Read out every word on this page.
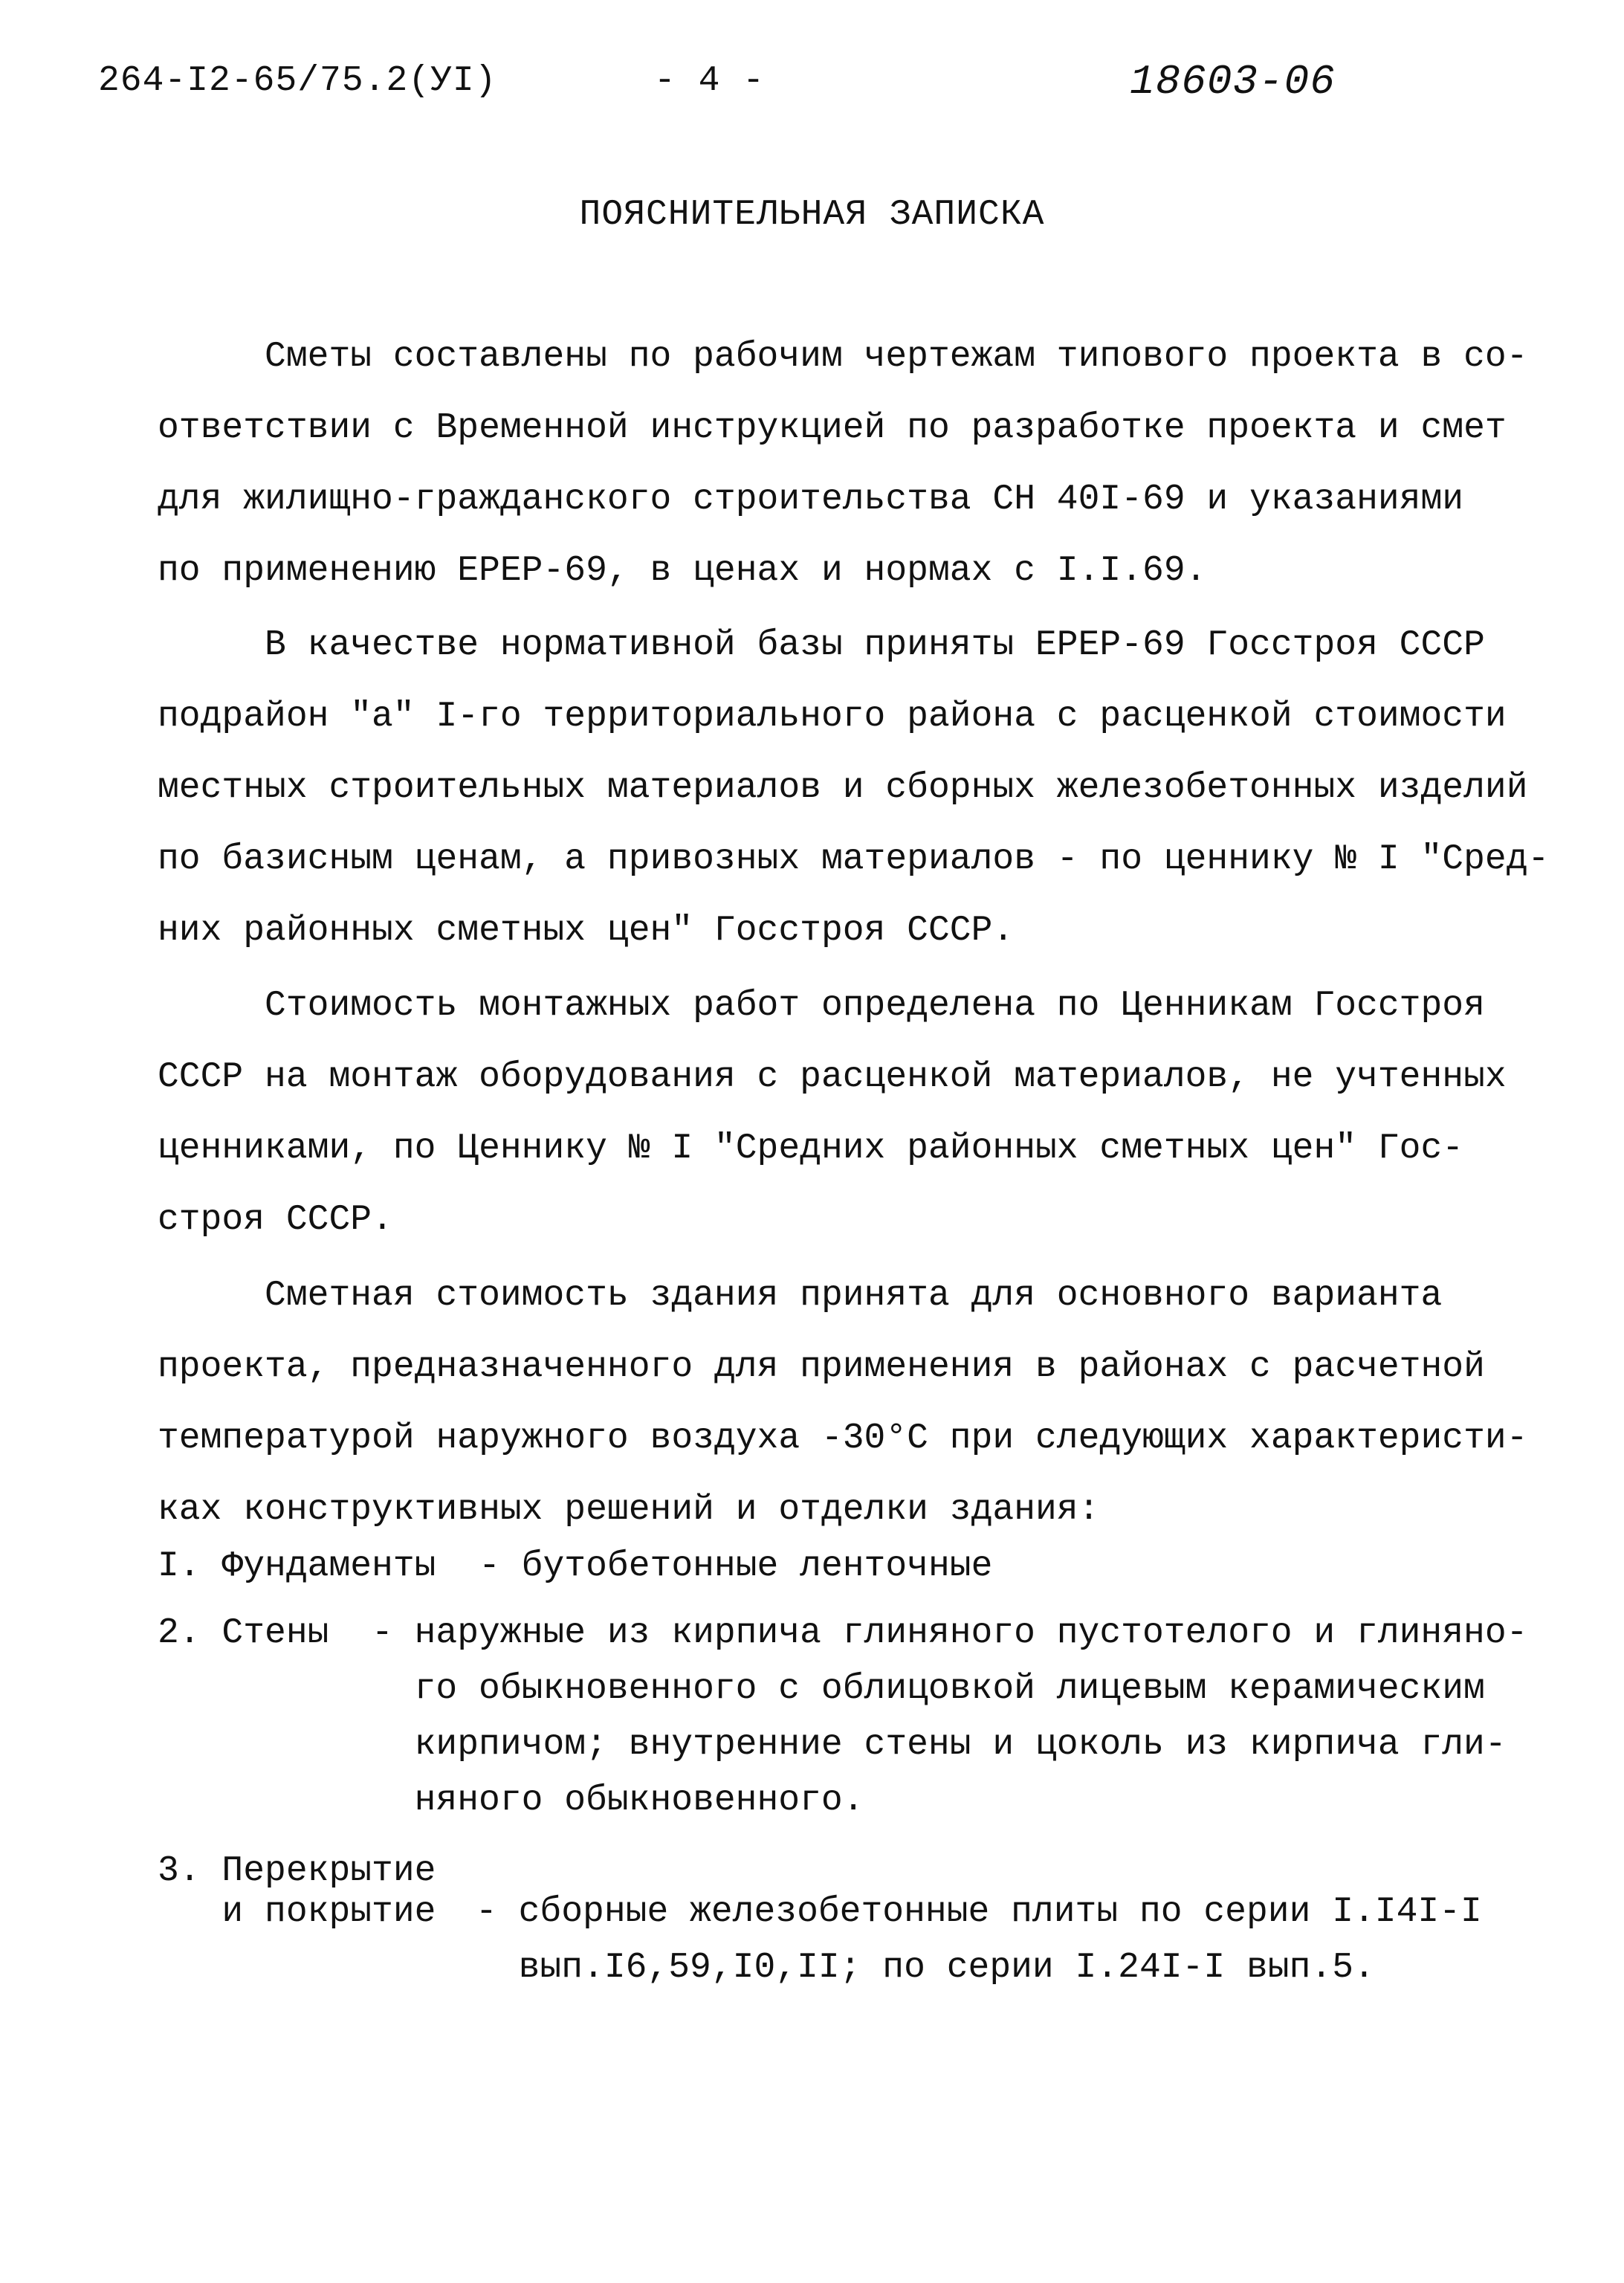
264-I2-65/75.2(УI)	- 4 -	18603-06
ПОЯСНИТЕЛЬНАЯ ЗАПИСКА
Сметы составлены по рабочим чертежам типового проекта в со-
ответствии с Временной инструкцией по разработке проекта и смет
для жилищно-гражданского строительства СН 40I-69 и указаниями
по применению ЕРЕР-69, в ценах и нормах с I.I.69.
В качестве нормативной базы приняты ЕРЕР-69 Госстроя СССР
подрайон "а" I-го территориального района с расценкой стоимости
местных строительных материалов и сборных железобетонных изделий
по базисным ценам, а привозных материалов - по ценнику № I "Сред-
них районных сметных цен" Госстроя СССР.
Стоимость монтажных работ определена по Ценникам Госстроя
СССР на монтаж оборудования с расценкой материалов, не учтенных
ценниками, по Ценнику № I "Средних районных сметных цен" Гос-
строя СССР.
Сметная стоимость здания принята для основного варианта
проекта, предназначенного для применения в районах с расчетной
температурой наружного воздуха -30°С при следующих характеристи-
ках конструктивных решений и отделки здания:
I. Фундаменты  - бутобетонные ленточные
2. Стены - наружные из кирпича глиняного пустотелого и глиняно-
го обыкновенного с облицовкой лицевым керамическим
кирпичом; внутренние стены и цоколь из кирпича гли-
няного обыкновенного.
3. Перекрытие
и покрытие - сборные железобетонные плиты по серии I.I4I-I
вып.I6,59,I0,II; по серии I.24I-I вып.5.
